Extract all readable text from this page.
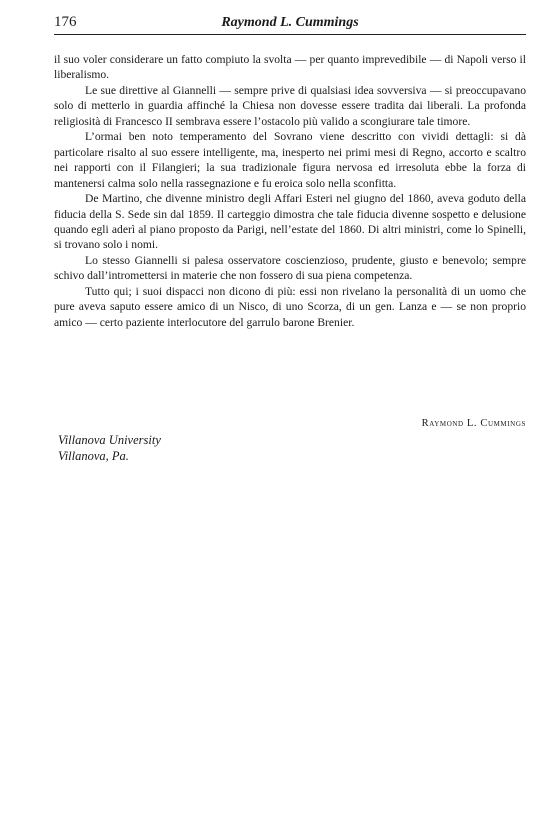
176	Raymond L. Cummings

il suo voler considerare un fatto compiuto la svolta — per quanto imprevedibile — di Napoli verso il liberalismo.

Le sue direttive al Giannelli — sempre prive di qualsiasi idea sovversiva — si preoccupavano solo di metterlo in guardia affinché la Chiesa non dovesse essere tradita dai liberali. La profonda religiosità di Francesco II sembrava essere l’ostacolo più valido a scongiurare tale timore.

L’ormai ben noto temperamento del Sovrano viene descritto con vividi dettagli: si dà particolare risalto al suo essere intelligente, ma, inesperto nei primi mesi di Regno, accorto e scaltro nei rapporti con il Filangieri; la sua tradizionale figura nervosa ed irresoluta ebbe la forza di mantenersi calma solo nella rassegnazione e fu eroica solo nella sconfitta.

De Martino, che divenne ministro degli Affari Esteri nel giugno del 1860, aveva goduto della fiducia della S. Sede sin dal 1859. Il carteggio dimostra che tale fiducia divenne sospetto e delusione quando egli aderì al piano proposto da Parigi, nell’estate del 1860. Di altri ministri, come lo Spinelli, si trovano solo i nomi.

Lo stesso Giannelli si palesa osservatore coscienzioso, prudente, giusto e benevolo; sempre schivo dall’intromettersi in materie che non fossero di sua piena competenza.

Tutto qui; i suoi dispacci non dicono di più: essi non rivelano la personalità di un uomo che pure aveva saputo essere amico di un Nisco, di uno Scorza, di un gen. Lanza e — se non proprio amico — certo paziente interlocutore del garrulo barone Brenier.

Raymond L. Cummings
Villanova University
Villanova, Pa.
